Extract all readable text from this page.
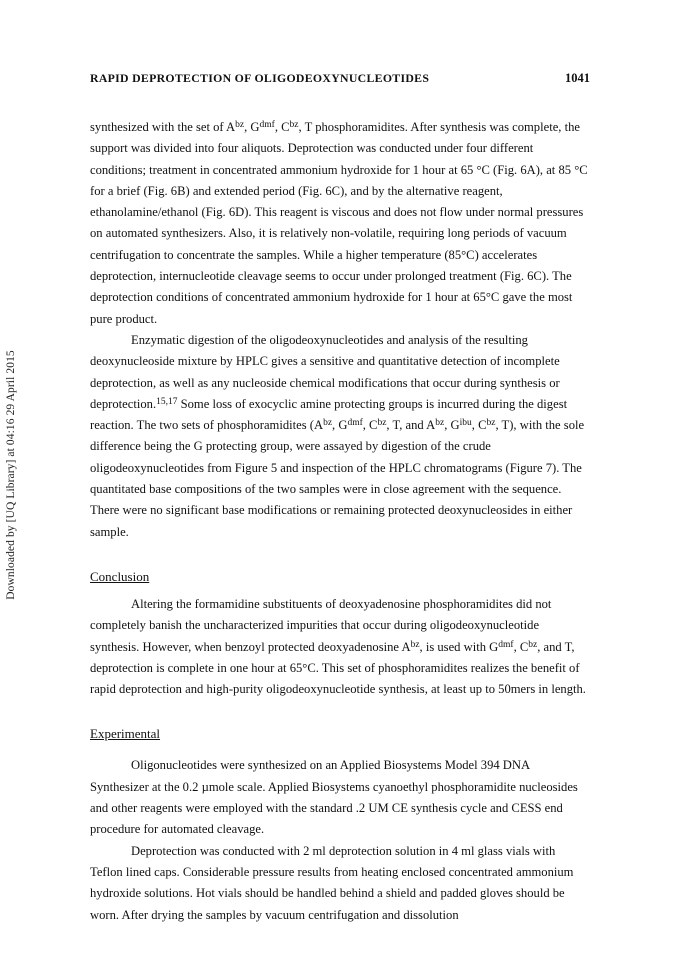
Downloaded by [UQ Library] at 04:16 29 April 2015
RAPID DEPROTECTION OF OLIGODEOXYNUCLEOTIDES	1041

synthesized with the set of $A^{bz}$, $G^{dmf}$, $C^{bz}$, T phosphoramidites. After synthesis was complete, the support was divided into four aliquots. Deprotection was conducted under four different conditions; treatment in concentrated ammonium hydroxide for 1 hour at 65 °C (Fig. 6A), at 85 °C for a brief (Fig. 6B) and extended period (Fig. 6C), and by the alternative reagent, ethanolamine/ethanol (Fig. 6D). This reagent is viscous and does not flow under normal pressures on automated synthesizers. Also, it is relatively non-volatile, requiring long periods of vacuum centrifugation to concentrate the samples. While a higher temperature (85°C) accelerates deprotection, internucleotide cleavage seems to occur under prolonged treatment (Fig. 6C). The deprotection conditions of concentrated ammonium hydroxide for 1 hour at 65°C gave the most pure product.

Enzymatic digestion of the oligodeoxynucleotides and analysis of the resulting deoxynucleoside mixture by HPLC gives a sensitive and quantitative detection of incomplete deprotection, as well as any nucleoside chemical modifications that occur during synthesis or deprotection.$^{15,17}$ Some loss of exocyclic amine protecting groups is incurred during the digest reaction. The two sets of phosphoramidites ($A^{bz}$, $G^{dmf}$, $C^{bz}$, T, and $A^{bz}$, $G^{ibu}$, $C^{bz}$, T), with the sole difference being the G protecting group, were assayed by digestion of the crude oligodeoxynucleotides from Figure 5 and inspection of the HPLC chromatograms (Figure 7). The quantitated base compositions of the two samples were in close agreement with the sequence. There were no significant base modifications or remaining protected deoxynucleosides in either sample.

Conclusion

Altering the formamidine substituents of deoxyadenosine phosphoramidites did not completely banish the uncharacterized impurities that occur during oligodeoxynucleotide synthesis. However, when benzoyl protected deoxyadenosine $A^{bz}$, is used with $G^{dmf}$, $C^{bz}$, and T, deprotection is complete in one hour at 65°C. This set of phosphoramidites realizes the benefit of rapid deprotection and high-purity oligodeoxynucleotide synthesis, at least up to 50mers in length.

Experimental

Oligonucleotides were synthesized on an Applied Biosystems Model 394 DNA Synthesizer at the 0.2 µmole scale. Applied Biosystems cyanoethyl phosphoramidite nucleosides and other reagents were employed with the standard .2 UM CE synthesis cycle and CESS end procedure for automated cleavage.

Deprotection was conducted with 2 ml deprotection solution in 4 ml glass vials with Teflon lined caps. Considerable pressure results from heating enclosed concentrated ammonium hydroxide solutions. Hot vials should be handled behind a shield and padded gloves should be worn. After drying the samples by vacuum centrifugation and dissolution
